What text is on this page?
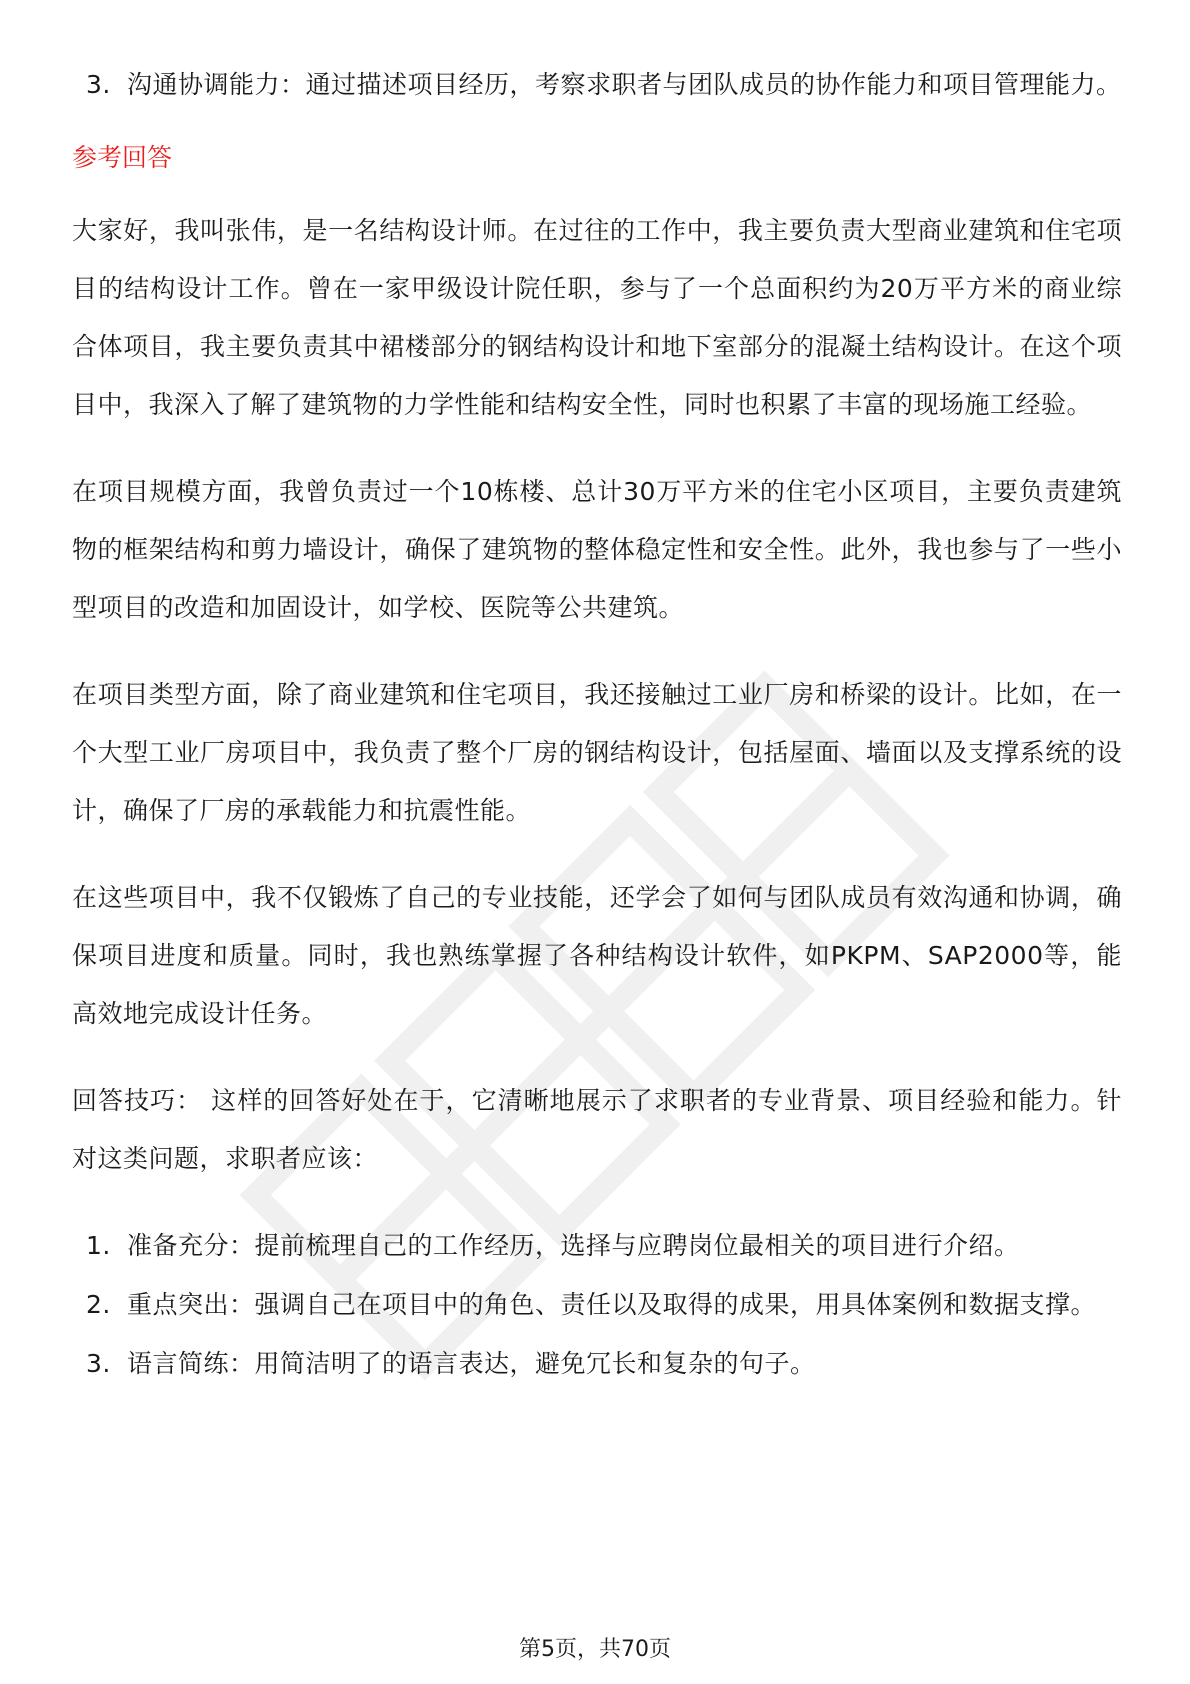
3. 沟通协调能力：通过描述项目经历，考察求职者与团队成员的协作能力和项目管理能力。
参考回答

大家好，我叫张伟，是一名结构设计师。在过往的工作中，我主要负责大型商业建筑和住宅项目的结构设计工作。曾在一家甲级设计院任职，参与了一个总面积约为20万平方米的商业综合体项目，我主要负责其中裙楼部分的钢结构设计和地下室部分的混凝土结构设计。在这个项目中，我深入了解了建筑物的力学性能和结构安全性，同时也积累了丰富的现场施工经验。

在项目规模方面，我曾负责过一个10栋楼、总计30万平方米的住宅小区项目，主要负责建筑物的框架结构和剪力墙设计，确保了建筑物的整体稳定性和安全性。此外，我也参与了一些小型项目的改造和加固设计，如学校、医院等公共建筑。

在项目类型方面，除了商业建筑和住宅项目，我还接触过工业厂房和桥梁的设计。比如，在一个大型工业厂房项目中，我负责了整个厂房的钢结构设计，包括屋面、墙面以及支撑系统的设计，确保了厂房的承载能力和抗震性能。

在这些项目中，我不仅锻炼了自己的专业技能，还学会了如何与团队成员有效沟通和协调，确保项目进度和质量。同时，我也熟练掌握了各种结构设计软件，如PKPM、SAP2000等，能高效地完成设计任务。

回答技巧： 这样的回答好处在于，它清晰地展示了求职者的专业背景、项目经验和能力。针对这类问题，求职者应该：

1. 准备充分：提前梳理自己的工作经历，选择与应聘岗位最相关的项目进行介绍。
2. 重点突出：强调自己在项目中的角色、责任以及取得的成果，用具体案例和数据支撑。
3. 语言简练：用简洁明了的语言表达，避免冗长和复杂的句子。
第5页，共70页
